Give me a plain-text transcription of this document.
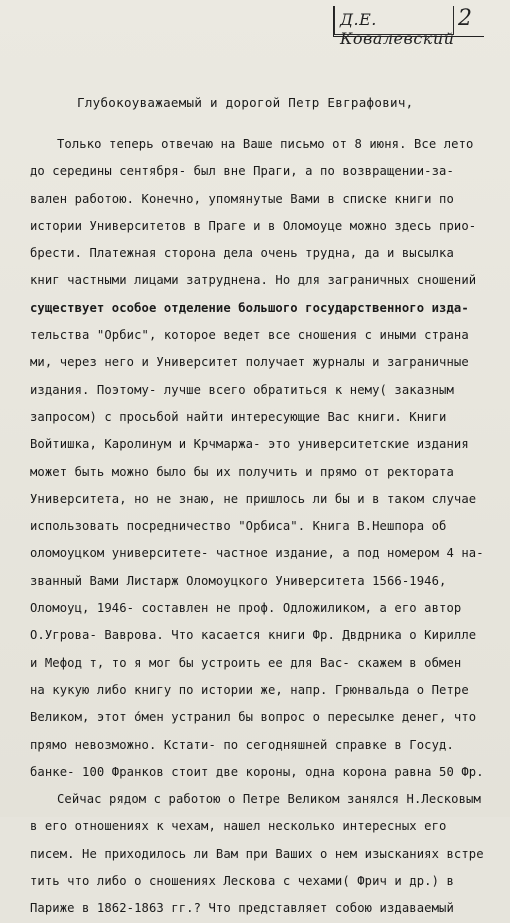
Д.Е. Ковалевский
2
Глубокоуважаемый и дорогой Петр Евграфович,
Только теперь отвечаю на Ваше письмо от 8 июня. Все лето
до середины сентября- был вне Праги, а по возвращении-за-
вален работою. Конечно, упомянутые Вами в списке книги по
истории Университетов в Праге и в Оломоуце можно здесь прио-
брести. Платежная сторона дела очень трудна, да и высылка
книг частными лицами затруднена. Но для заграничных сношений
существует особое отделение большого государственного изда-
тельства "Орбис", которое ведет все сношения с иными страна
ми, через него и Университет получает журналы и заграничные
издания. Поэтому- лучше всего обратиться к нему( заказным
запросом) с просьбой найти интересующие Вас книги. Книги
Войтишка, Каролинум и Крчмаржа- это университетские издания
может быть можно было бы их получить и прямо от ректората
Университета, но не знаю, не пришлось ли бы и в таком случае
использовать посредничество "Орбиса". Книга В.Нешпора об
оломоуцком университете- частное издание, а под номером 4 на-
званный Вами Листарж Оломоуцкого Университета 1566-1946,
Оломоуц, 1946- составлен не проф. Одложиликом, а его автор
О.Угрова- Ваврова. Что касается книги Фр. Двдрника о Кирилле
и Мефод т, то я мог бы устроить ее для Вас- скажем в обмен
на кукую либо книгу по истории же, напр. Грюнвальда о Петре
Великом, этот о́мен устранил бы вопрос о пересылке денег, что
прямо невозможно. Кстати- по сегодняшней справке в Госуд.
банке- 100 Франков стоит две короны, одна корона равна 50 Фр.
Сейчас рядом с работою о Петре Великом занялся Н.Лесковым
в его отношениях к чехам, нашел несколько интересных его
писем. Не приходилось ли Вам при Ваших о нем изысканиях встре
тить что либо о сношениях Лескова с чехами( Фрич и др.) в
Париже в 1862-1863 гг.? Что представляет собою издаваемый
